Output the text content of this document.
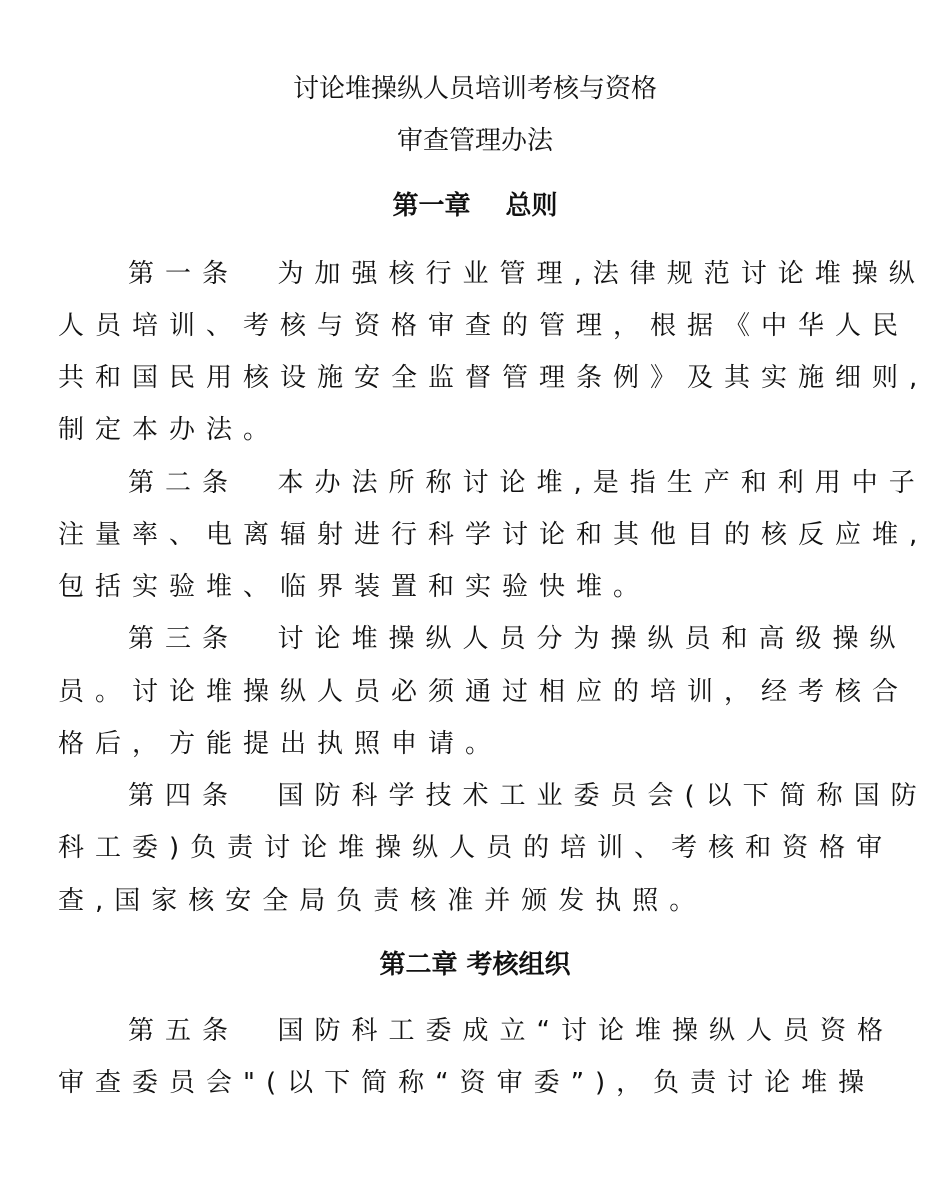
讨论堆操纵人员培训考核与资格
审查管理办法
第一章　 总则
第一条  为加强核行业管理,法律规范讨论堆操纵
人员培训、考核与资格审查的管理，根据《中华人民
共和国民用核设施安全监督管理条例》及其实施细则,
制定本办法。
第二条  本办法所称讨论堆,是指生产和利用中子
注量率、电离辐射进行科学讨论和其他目的核反应堆,
包括实验堆、临界装置和实验快堆。
第三条  讨论堆操纵人员分为操纵员和高级操纵
员。讨论堆操纵人员必须通过相应的培训，经考核合
格后，方能提出执照申请。
第四条  国防科学技术工业委员会(以下简称国防
科工委)负责讨论堆操纵人员的培训、考核和资格审
查,国家核安全局负责核准并颁发执照。
第二章 考核组织
第五条  国防科工委成立“讨论堆操纵人员资格
审查委员会"(以下简称“资审委”)，负责讨论堆操
